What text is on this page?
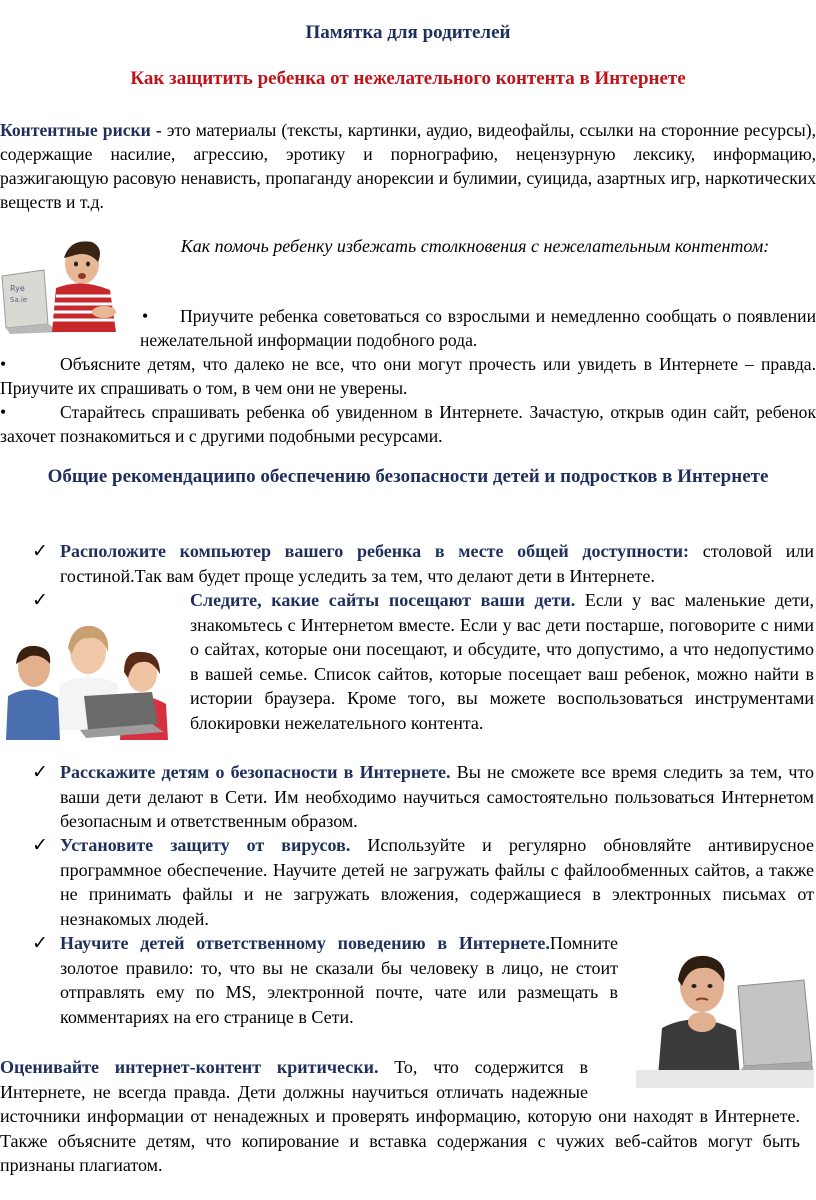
Памятка для родителей
Как защитить ребенка от нежелательного контента в Интернете
Контентные риски - это материалы (тексты, картинки, аудио, видеофайлы, ссылки на сторонние ресурсы), содержащие насилие, агрессию, эротику и порнографию, нецензурную лексику, информацию, разжигающую расовую ненависть, пропаганду анорексии и булимии, суицида, азартных игр, наркотических веществ и т.д.
Rye
Sa.ie
Как помочь ребенку избежать столкновения с нежелательным контентом:
• Приучите ребенка советоваться со взрослыми и немедленно сообщать о появлении нежелательной информации подобного рода.
•	Объясните детям, что далеко не все, что они могут прочесть или увидеть в Интернете – правда. Приучите их спрашивать о том, в чем они не уверены.
•	Старайтесь спрашивать ребенка об увиденном в Интернете. Зачастую, открыв один сайт, ребенок захочет познакомиться и с другими подобными ресурсами.
Общие рекомендациипо обеспечению безопасности детей и подростков в Интернете
✓ Расположите компьютер вашего ребенка в месте общей доступности: столовой или гостиной.Так вам будет проще уследить за тем, что делают дети в Интернете.
✓	Следите, какие сайты посещают ваши дети. Если у вас маленькие дети, знакомьтесь с Интернетом вместе. Если у вас дети постарше, поговорите с ними о сайтах, которые они посещают, и обсудите, что допустимо, а что недопустимо в вашей семье. Список сайтов, которые посещает ваш ребенок, можно найти в истории браузера. Кроме того, вы можете воспользоваться инструментами блокировки нежелательного контента.
✓ Расскажите детям о безопасности в Интернете. Вы не сможете все время следить за тем, что ваши дети делают в Сети. Им необходимо научиться самостоятельно пользоваться Интернетом безопасным и ответственным образом.
✓ Установите защиту от вирусов. Используйте и регулярно обновляйте антивирусное программное обеспечение. Научите детей не загружать файлы с файлообменных сайтов, а также не принимать файлы и не загружать вложения, содержащиеся в электронных письмах от незнакомых людей.
✓ Научите детей ответственному поведению в Интернете.Помните золотое правило: то, что вы не сказали бы человеку в лицо, не стоит отправлять ему по MS, электронной почте, чате или размещать в комментариях на его странице в Сети.
Оценивайте интернет-контент критически. То, что содержится в Интернете, не всегда правда. Дети должны научиться отличать надежные источники информации от ненадежных и проверять информацию, которую они находят в Интернете. Также объясните детям, что копирование и вставка содержания с чужих веб-сайтов могут быть признаны плагиатом.
